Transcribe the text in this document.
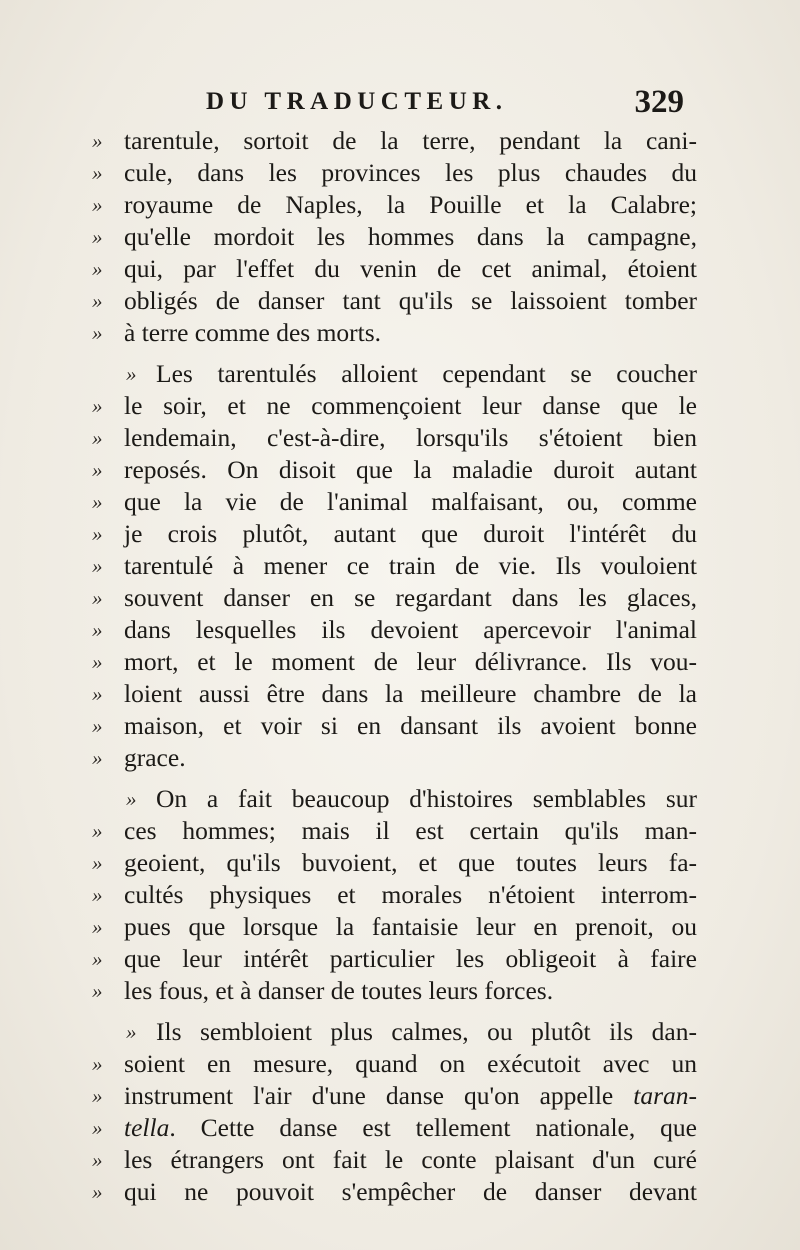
DU TRADUCTEUR.	329
» tarentule, sortoit de la terre, pendant la cani-
» cule, dans les provinces les plus chaudes du
» royaume de Naples, la Pouille et la Calabre;
» qu'elle mordoit les hommes dans la campagne,
» qui, par l'effet du venin de cet animal, étoient
» obligés de danser tant qu'ils se laissoient tomber
» à terre comme des morts.
» Les tarentulés alloient cependant se coucher
» le soir, et ne commençoient leur danse que le
» lendemain, c'est-à-dire, lorsqu'ils s'étoient bien
» reposés. On disoit que la maladie duroit autant
» que la vie de l'animal malfaisant, ou, comme
» je crois plutôt, autant que duroit l'intérêt du
» tarentulé à mener ce train de vie. Ils vouloient
» souvent danser en se regardant dans les glaces,
» dans lesquelles ils devoient apercevoir l'animal
» mort, et le moment de leur délivrance. Ils vou-
» loient aussi être dans la meilleure chambre de la
» maison, et voir si en dansant ils avoient bonne
» grace.
» On a fait beaucoup d'histoires semblables sur
» ces hommes; mais il est certain qu'ils man-
» geoient, qu'ils buvoient, et que toutes leurs fa-
» cultés physiques et morales n'étoient interrom-
» pues que lorsque la fantaisie leur en prenoit, ou
» que leur intérêt particulier les obligeoit à faire
» les fous, et à danser de toutes leurs forces.
» Ils sembloient plus calmes, ou plutôt ils dan-
» soient en mesure, quand on exécutoit avec un
» instrument l'air d'une danse qu'on appelle taran-
» tella. Cette danse est tellement nationale, que
» les étrangers ont fait le conte plaisant d'un curé
» qui ne pouvoit s'empêcher de danser devant
